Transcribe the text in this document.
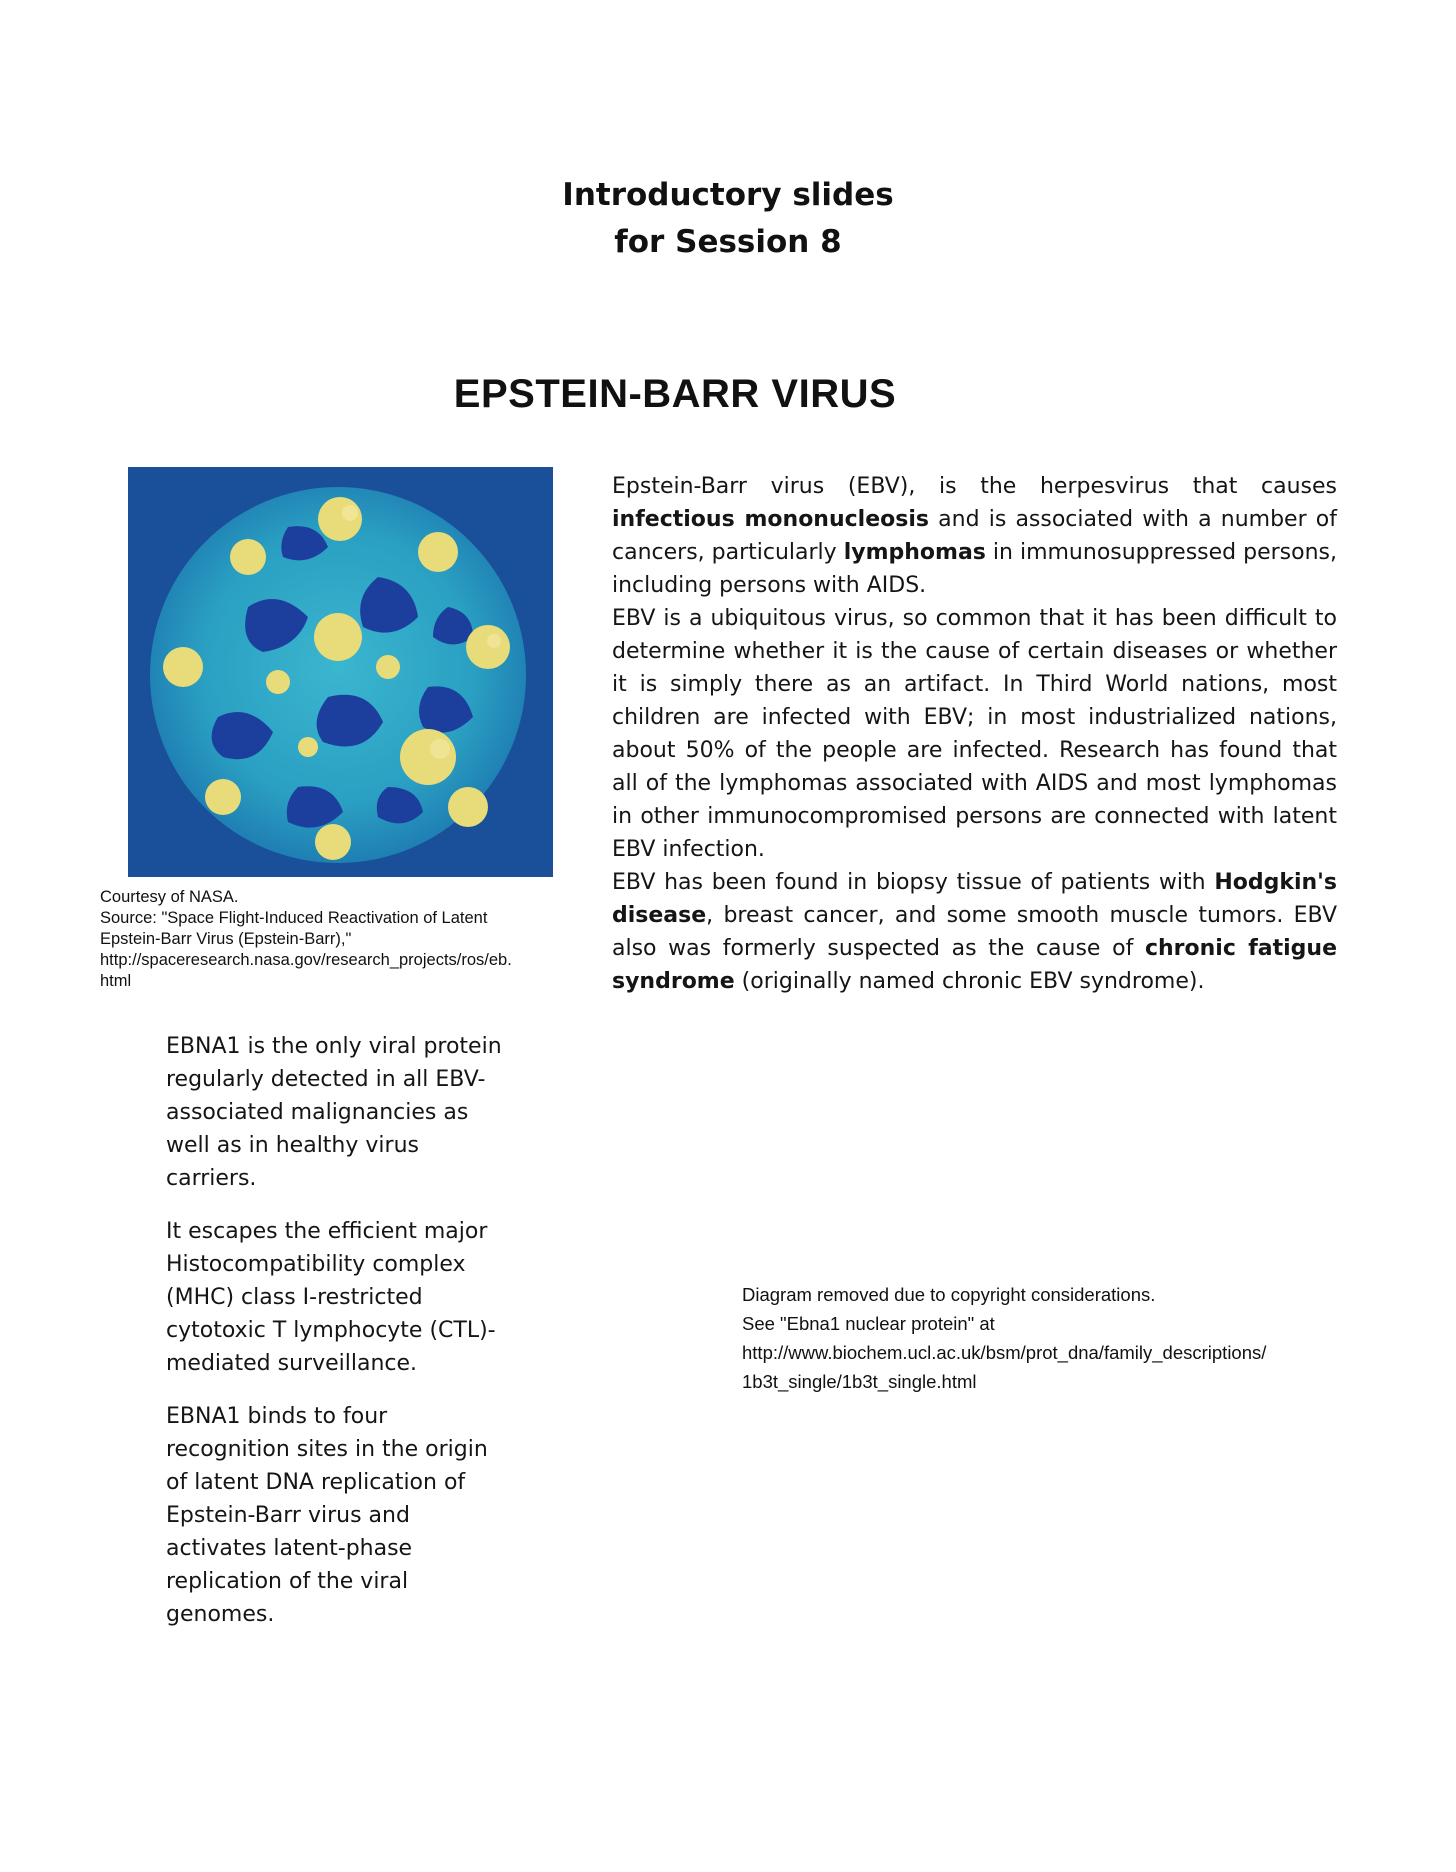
Introductory slides
for Session 8
EPSTEIN-BARR VIRUS
Courtesy of NASA.
Source: "Space Flight-Induced Reactivation of Latent
Epstein-Barr Virus (Epstein-Barr),"
http://spaceresearch.nasa.gov/research_projects/ros/eb.
html

Epstein-Barr virus (EBV), is the herpesvirus that causes infectious mononucleosis and is associated with a number of cancers, particularly lymphomas in immunosuppressed persons, including persons with AIDS.

EBV is a ubiquitous virus, so common that it has been difficult to determine whether it is the cause of certain diseases or whether it is simply there as an artifact. In Third World nations, most children are infected with EBV; in most industrialized nations, about 50% of the people are infected. Research has found that all of the lymphomas associated with AIDS and most lymphomas in other immunocompromised persons are connected with latent EBV infection.

EBV has been found in biopsy tissue of patients with Hodgkin's disease, breast cancer, and some smooth muscle tumors. EBV also was formerly suspected as the cause of chronic fatigue syndrome (originally named chronic EBV syndrome).

EBNA1 is the only viral protein regularly detected in all EBV-associated malignancies as well as in healthy virus carriers.

It escapes the efficient major Histocompatibility complex (MHC) class I-restricted cytotoxic T lymphocyte (CTL)-mediated surveillance.

EBNA1 binds to four recognition sites in the origin of latent DNA replication of Epstein-Barr virus and activates latent-phase replication of the viral genomes.

Diagram removed due to copyright considerations.
See "Ebna1 nuclear protein" at
http://www.biochem.ucl.ac.uk/bsm/prot_dna/family_descriptions/
1b3t_single/1b3t_single.html
